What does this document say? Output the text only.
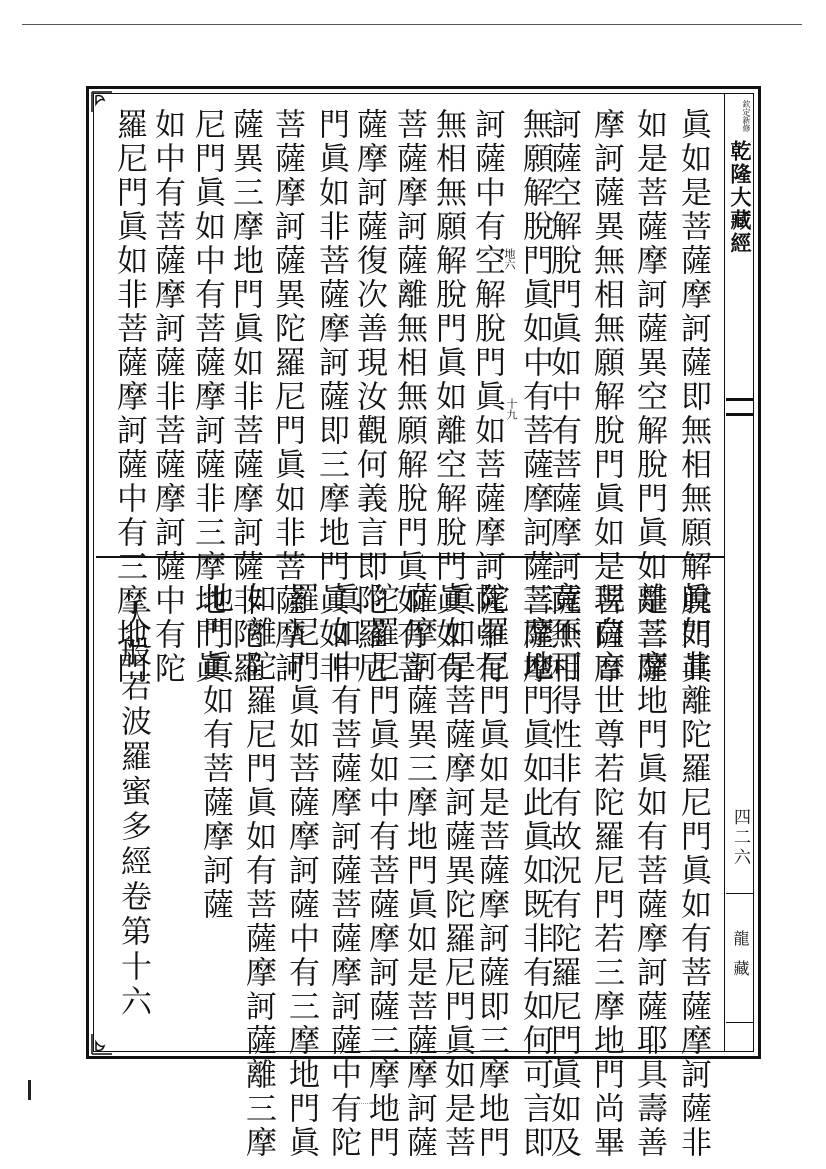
欽定新修
乾隆大藏經
四二六
龍藏
眞如是菩薩摩訶薩即無相無願解脫門眞
如是菩薩摩訶薩異空解脫門眞如是菩薩
摩訶薩異無相無願解脫門眞如是菩薩摩
訶薩空解脫門眞如中有菩薩摩訶薩無相
無願解脫門眞如中有菩薩摩訶薩菩薩摩
訶薩中有空解脫門眞如菩薩摩訶薩中有
無相無願解脫門眞如離空解脫門眞如有
菩薩摩訶薩離無相無願解脫門眞如有菩
薩摩訶薩復次善現汝觀何義言即陀羅尼
門眞如非菩薩摩訶薩即三摩地門眞如非
菩薩摩訶薩異陀羅尼門眞如非菩薩摩訶
薩異三摩地門眞如非菩薩摩訶薩非陀羅
尼門眞如中有菩薩摩訶薩非三摩地門眞
如中有菩薩摩訶薩非菩薩摩訶薩中有陀
羅尼門眞如非菩薩摩訶薩中有三摩地門	地六
十九
眞如非離陀羅尼門眞如有菩薩摩訶薩非
離三摩地門眞如有菩薩摩訶薩耶具壽善
現白言世尊若陀羅尼門若三摩地門尚畢
竟不可得性非有故況有陀羅尼門眞如及
三摩地門眞如此眞如既非有如何可言即
陀羅尼門眞如是菩薩摩訶薩即三摩地門
眞如是菩薩摩訶薩異陀羅尼門眞如是菩
薩摩訶薩異三摩地門眞如是菩薩摩訶薩
陀羅尼門眞如中有菩薩摩訶薩三摩地門
眞如中有菩薩摩訶薩菩薩摩訶薩中有陀
羅尼門眞如菩薩摩訶薩中有三摩地門眞
如離陀羅尼門眞如有菩薩摩訶薩離三摩
地門眞如有菩薩摩訶薩
大般若波羅蜜多經卷第十六
